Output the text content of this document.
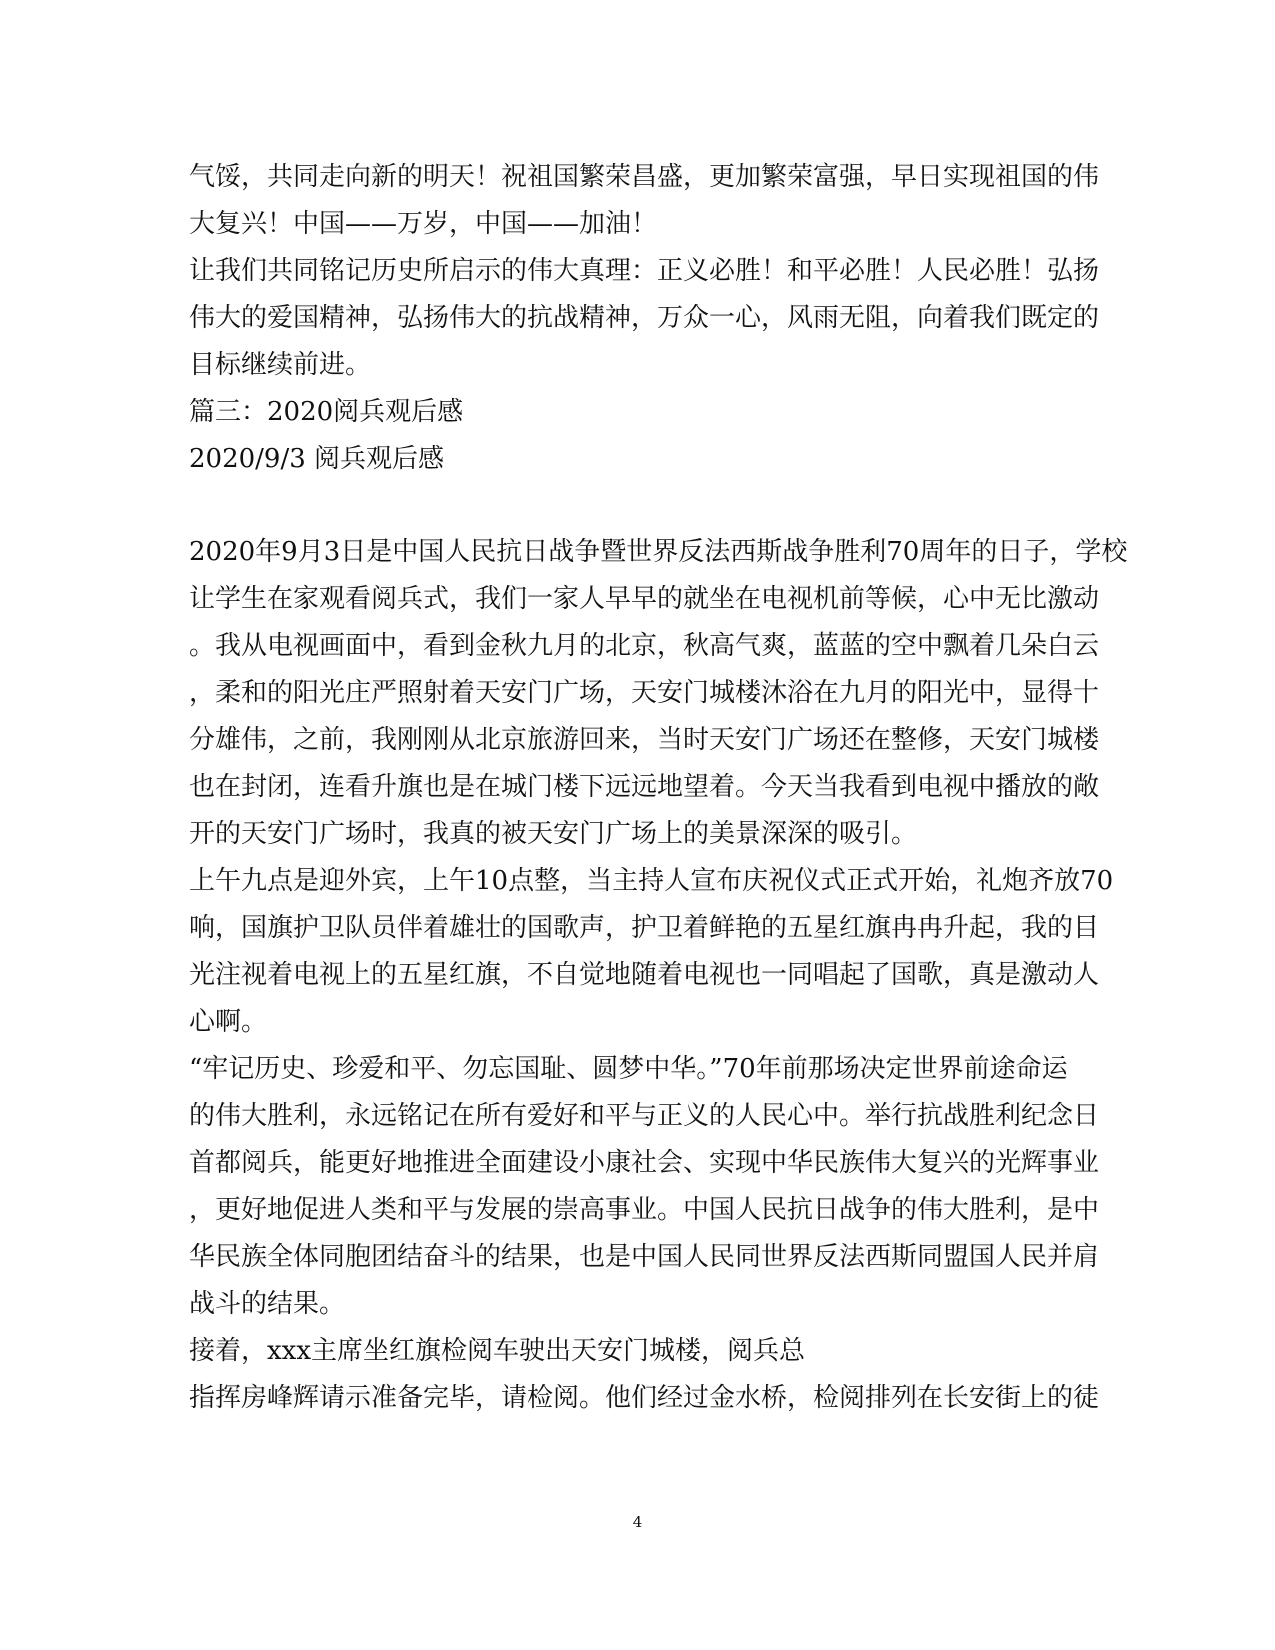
气馁，共同走向新的明天！祝祖国繁荣昌盛，更加繁荣富强，早日实现祖国的伟
大复兴！中国——万岁，中国——加油！
让我们共同铭记历史所启示的伟大真理：正义必胜！和平必胜！人民必胜！弘扬
伟大的爱国精神，弘扬伟大的抗战精神，万众一心，风雨无阻，向着我们既定的
目标继续前进。
篇三：2020阅兵观后感
2020/9/3 阅兵观后感
2020年9月3日是中国人民抗日战争暨世界反法西斯战争胜利70周年的日子，学校
让学生在家观看阅兵式，我们一家人早早的就坐在电视机前等候，心中无比激动
。我从电视画面中，看到金秋九月的北京，秋高气爽，蓝蓝的空中飘着几朵白云
，柔和的阳光庄严照射着天安门广场，天安门城楼沐浴在九月的阳光中，显得十
分雄伟，之前，我刚刚从北京旅游回来，当时天安门广场还在整修，天安门城楼
也在封闭，连看升旗也是在城门楼下远远地望着。今天当我看到电视中播放的敞
开的天安门广场时，我真的被天安门广场上的美景深深的吸引。
上午九点是迎外宾，上午10点整，当主持人宣布庆祝仪式正式开始，礼炮齐放70
响，国旗护卫队员伴着雄壮的国歌声，护卫着鲜艳的五星红旗冉冉升起，我的目
光注视着电视上的五星红旗，不自觉地随着电视也一同唱起了国歌，真是激动人
心啊。
“牢记历史、珍爱和平、勿忘国耻、圆梦中华。”70年前那场决定世界前途命运
的伟大胜利，永远铭记在所有爱好和平与正义的人民心中。举行抗战胜利纪念日
首都阅兵，能更好地推进全面建设小康社会、实现中华民族伟大复兴的光辉事业
，更好地促进人类和平与发展的崇高事业。中国人民抗日战争的伟大胜利，是中
华民族全体同胞团结奋斗的结果，也是中国人民同世界反法西斯同盟国人民并肩
战斗的结果。
接着，xxx主席坐红旗检阅车驶出天安门城楼，阅兵总
指挥房峰辉请示准备完毕，请检阅。他们经过金水桥，检阅排列在长安街上的徒
4
